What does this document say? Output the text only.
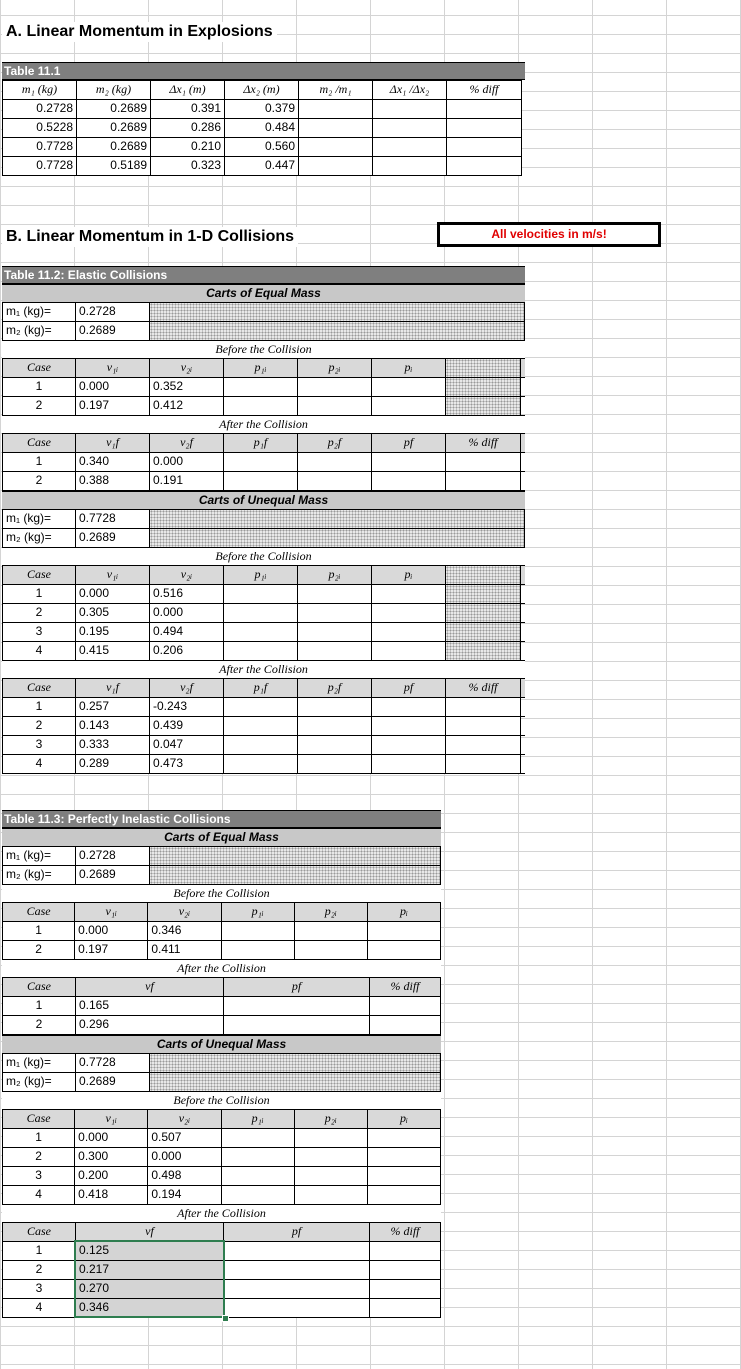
A. Linear Momentum in Explosions
Table 11.1
m₁ (kg)	m₂ (kg)	Δx₁ (m)	Δx₂ (m)	m₂ /m₁	Δx₁ /Δx₂	% diff
0.2728	0.2689	0.391	0.379
0.5228	0.2689	0.286	0.484
0.7728	0.2689	0.210	0.560
0.7728	0.5189	0.323	0.447
B. Linear Momentum in 1-D Collisions	All velocities in m/s!
Table 11.2: Elastic Collisions
Carts of Equal Mass
m₁ (kg)=	0.2728
m₂ (kg)=	0.2689
Before the Collision
Case	v₁ᵢ	v₂ᵢ	p₁ᵢ	p₂ᵢ	pᵢ
1	0.000	0.352
2	0.197	0.412
After the Collision
Case	v₁f	v₂f	p₁f	p₂f	pf	% diff
1	0.340	0.000
2	0.388	0.191
Carts of Unequal Mass
m₁ (kg)=	0.7728
m₂ (kg)=	0.2689
Before the Collision
Case	v₁ᵢ	v₂ᵢ	p₁ᵢ	p₂ᵢ	pᵢ
1	0.000	0.516
2	0.305	0.000
3	0.195	0.494
4	0.415	0.206
After the Collision
Case	v₁f	v₂f	p₁f	p₂f	pf	% diff
1	0.257	-0.243
2	0.143	0.439
3	0.333	0.047
4	0.289	0.473
Table 11.3: Perfectly Inelastic Collisions
Carts of Equal Mass
m₁ (kg)=	0.2728
m₂ (kg)=	0.2689
Before the Collision
Case	v₁ᵢ	v₂ᵢ	p₁ᵢ	p₂ᵢ	pᵢ
1	0.000	0.346
2	0.197	0.411
After the Collision
Case	vf	pf	% diff
1	0.165
2	0.296
Carts of Unequal Mass
m₁ (kg)=	0.7728
m₂ (kg)=	0.2689
Before the Collision
Case	v₁ᵢ	v₂ᵢ	p₁ᵢ	p₂ᵢ	pᵢ
1	0.000	0.507
2	0.300	0.000
3	0.200	0.498
4	0.418	0.194
After the Collision
Case	vf	pf	% diff
1	0.125
2	0.217
3	0.270
4	0.346
